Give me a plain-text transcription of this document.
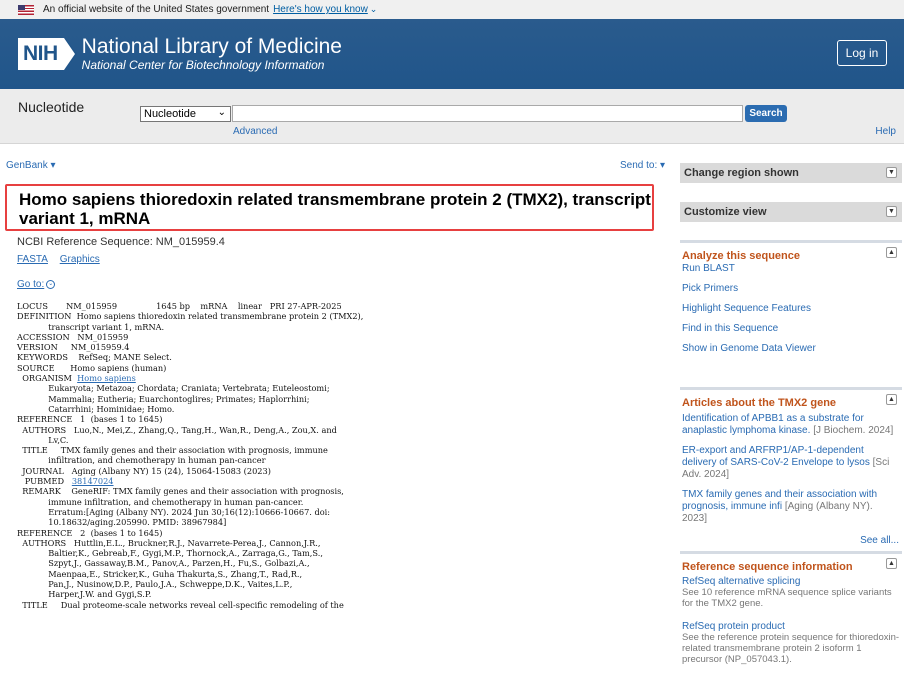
An official website of the United States government Here's how you know ⌄
NIH National Library of Medicine
National Center for Biotechnology Information
Log in
Nucleotide	Nucleotide ⌄	Search
Advanced	Help
GenBank ▾	Send to: ▾
Homo sapiens thioredoxin related transmembrane protein 2 (TMX2), transcript variant 1, mRNA
NCBI Reference Sequence: NM_015959.4
FASTA Graphics
Go to: ⌄
LOCUS       NM_015959               1645 bp    mRNA    linear   PRI 27-APR-2025
DEFINITION  Homo sapiens thioredoxin related transmembrane protein 2 (TMX2),
transcript variant 1, mRNA.
ACCESSION   NM_015959
VERSION     NM_015959.4
KEYWORDS    RefSeq; MANE Select.
SOURCE      Homo sapiens (human)
ORGANISM  Homo sapiens
Eukaryota; Metazoa; Chordata; Craniata; Vertebrata; Euteleostomi;
Mammalia; Eutheria; Euarchontoglires; Primates; Haplorrhini;
Catarrhini; Hominidae; Homo.
REFERENCE   1  (bases 1 to 1645)
AUTHORS   Luo,N., Mei,Z., Zhang,Q., Tang,H., Wan,R., Deng,A., Zou,X. and
Lv,C.
TITLE     TMX family genes and their association with prognosis, immune
infiltration, and chemotherapy in human pan-cancer
JOURNAL   Aging (Albany NY) 15 (24), 15064-15083 (2023)
PUBMED   38147024
REMARK    GeneRIF: TMX family genes and their association with prognosis,
immune infiltration, and chemotherapy in human pan-cancer.
Erratum:[Aging (Albany NY). 2024 Jun 30;16(12):10666-10667. doi:
10.18632/aging.205990. PMID: 38967984]
REFERENCE   2  (bases 1 to 1645)
AUTHORS   Huttlin,E.L., Bruckner,R.J., Navarrete-Perea,J., Cannon,J.R.,
Baltier,K., Gebreab,F., Gygi,M.P., Thornock,A., Zarraga,G., Tam,S.,
Szpyt,J., Gassaway,B.M., Panov,A., Parzen,H., Fu,S., Golbazi,A.,
Maenpaa,E., Stricker,K., Guha Thakurta,S., Zhang,T., Rad,R.,
Pan,J., Nusinow,D.P., Paulo,J.A., Schweppe,D.K., Vaites,L.P.,
Harper,J.W. and Gygi,S.P.
TITLE     Dual proteome-scale networks reveal cell-specific remodeling of the
Change region shown	▼
Customize view	▼
Analyze this sequence	▲
Run BLAST
Pick Primers
Highlight Sequence Features
Find in this Sequence
Show in Genome Data Viewer
Articles about the TMX2 gene	▲
Identification of APBB1 as a substrate for anaplastic lymphoma kinase. [J Biochem. 2024]
ER-export and ARFRP1/AP-1-dependent delivery of SARS-CoV-2 Envelope to lysos [Sci Adv. 2024]
TMX family genes and their association with prognosis, immune infi [Aging (Albany NY). 2023]
See all...
Reference sequence information	▲
RefSeq alternative splicing
See 10 reference mRNA sequence splice variants for the TMX2 gene.
RefSeq protein product
See the reference protein sequence for thioredoxin-related transmembrane protein 2 isoform 1 precursor (NP_057043.1).
